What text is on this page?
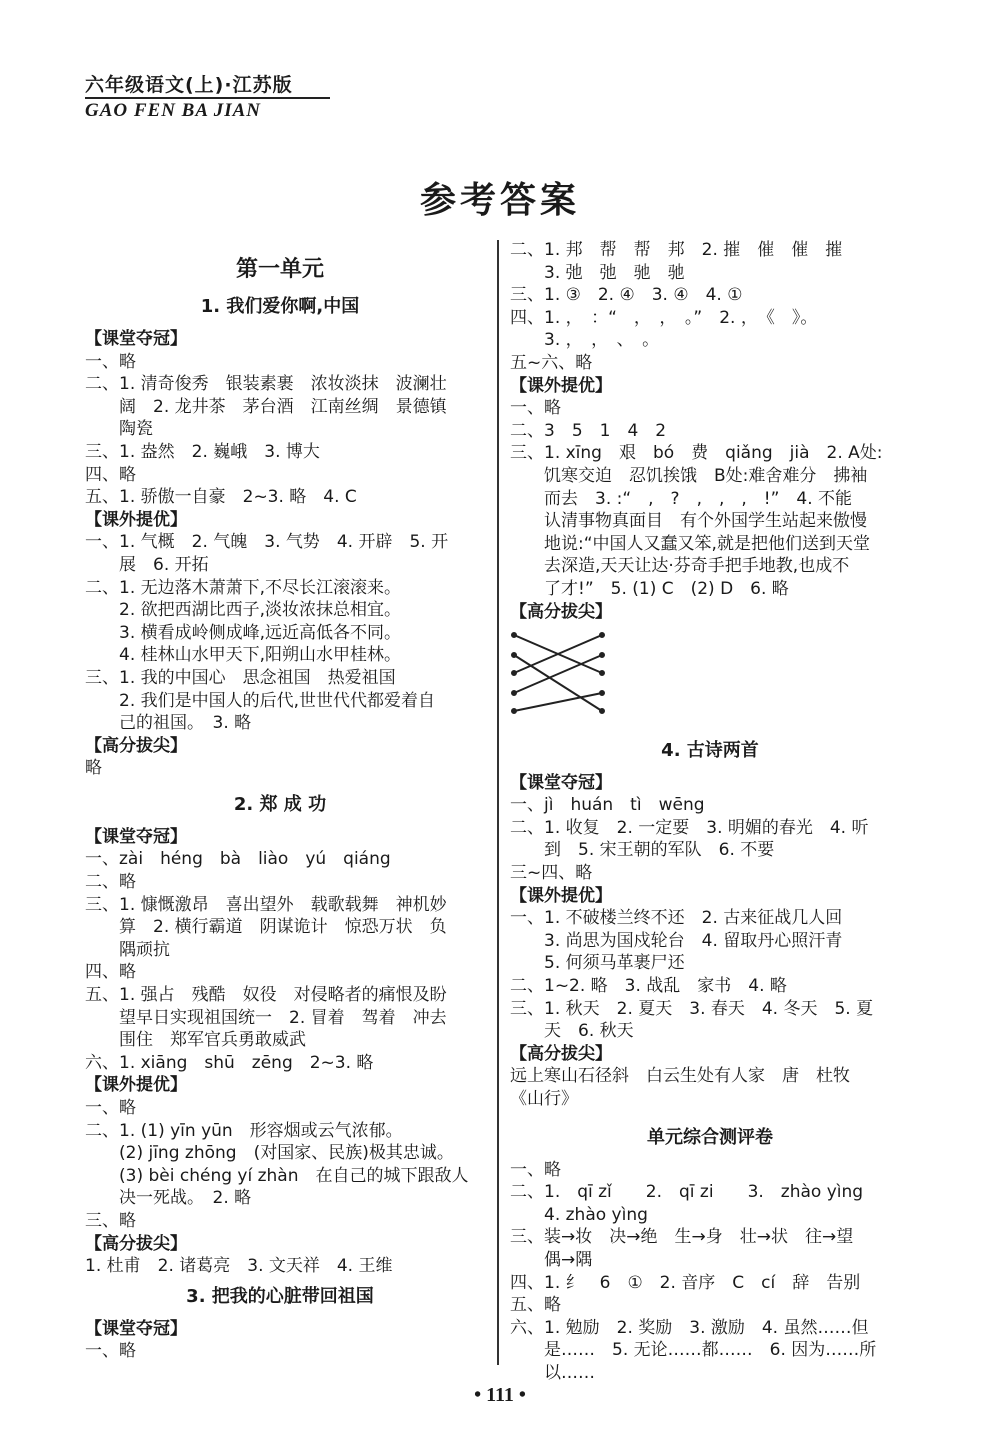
六年级语文(上)·江苏版
GAO FEN BA JIAN
参考答案
第一单元
1. 我们爱你啊,中国
【课堂夺冠】
一、略
二、1. 清奇俊秀　银装素裹　浓妆淡抹　波澜壮
阔　2. 龙井茶　茅台酒　江南丝绸　景德镇
陶瓷
三、1. 盎然　2. 巍峨　3. 博大
四、略
五、1. 骄傲一自豪　2~3. 略　4. C
【课外提优】
一、1. 气概　2. 气魄　3. 气势　4. 开辟　5. 开
展　6. 开拓
二、1. 无边落木萧萧下,不尽长江滚滚来。
2. 欲把西湖比西子,淡妆浓抹总相宜。
3. 横看成岭侧成峰,远近高低各不同。
4. 桂林山水甲天下,阳朔山水甲桂林。
三、1. 我的中国心　思念祖国　热爱祖国
2. 我们是中国人的后代,世世代代都爱着自
己的祖国。　3. 略
【高分拔尖】
略
2. 郑 成 功
【课堂夺冠】
一、zài　héng　bà　liào　yú　qiáng
二、略
三、1. 慷慨激昂　喜出望外　载歌载舞　神机妙
算　2. 横行霸道　阴谋诡计　惊恐万状　负
隅顽抗
四、略
五、1. 强占　残酷　奴役　对侵略者的痛恨及盼
望早日实现祖国统一　2. 冒着　驾着　冲去
围住　郑军官兵勇敢威武
六、1. xiāng　shū　zēng　2~3. 略
【课外提优】
一、略
二、1. (1) yīn yūn　形容烟或云气浓郁。
(2) jīng zhōng　(对国家、民族)极其忠诚。
(3) bèi chéng yí zhàn　在自己的城下跟敌人
决一死战。　2. 略
三、略
【高分拔尖】
1. 杜甫　2. 诸葛亮　3. 文天祥　4. 王维
3. 把我的心脏带回祖国
【课堂夺冠】
一、略
二、1. 邦　帮　帮　邦　2. 摧　催　催　摧
3. 弛　弛　驰　驰
三、1. ③　2. ④　3. ④　4. ①
四、1. ，　：“　，　，　。”　2. ，　《　》。
3. ，　，　、　。
五~六、略
【课外提优】
一、略
二、3　5　1　4　2
三、1. xīng　艰　bó　费　qiǎng　jià　2. A处:
饥寒交迫　忍饥挨饿　B处:难舍难分　拂袖
而去　3. :“　,　?　,　,　,　!”　4. 不能
认清事物真面目　有个外国学生站起来傲慢
地说:“中国人又蠢又笨,就是把他们送到天堂
去深造,天天让达·芬奇手把手地教,也成不
了才!”　5. (1) C　(2) D　6. 略
【高分拔尖】
4. 古诗两首
【课堂夺冠】
一、jì　huán　tì　wēng
二、1. 收复　2. 一定要　3. 明媚的春光　4. 听
到　5. 宋王朝的军队　6. 不要
三~四、略
【课外提优】
一、1. 不破楼兰终不还　2. 古来征战几人回
3. 尚思为国戍轮台　4. 留取丹心照汗青
5. 何须马革裹尸还
二、1~2. 略　3. 战乱　家书　4. 略
三、1. 秋天　2. 夏天　3. 春天　4. 冬天　5. 夏
天　6. 秋天
【高分拔尖】
远上寒山石径斜　白云生处有人家　唐　杜牧
《山行》
单元综合测评卷
一、略
二、1.　qī zǐ　　2.　qī zi　　3.　zhào yìng
4. zhào yìng
三、装→妆　决→绝　生→身　壮→状　往→望
偶→隅
四、1. 纟　6　①　2. 音序　C　cí　辞　告别
五、略
六、1. 勉励　2. 奖励　3. 激励　4. 虽然……但
是……　5. 无论……都……　6. 因为……所
以……
• 111 •
